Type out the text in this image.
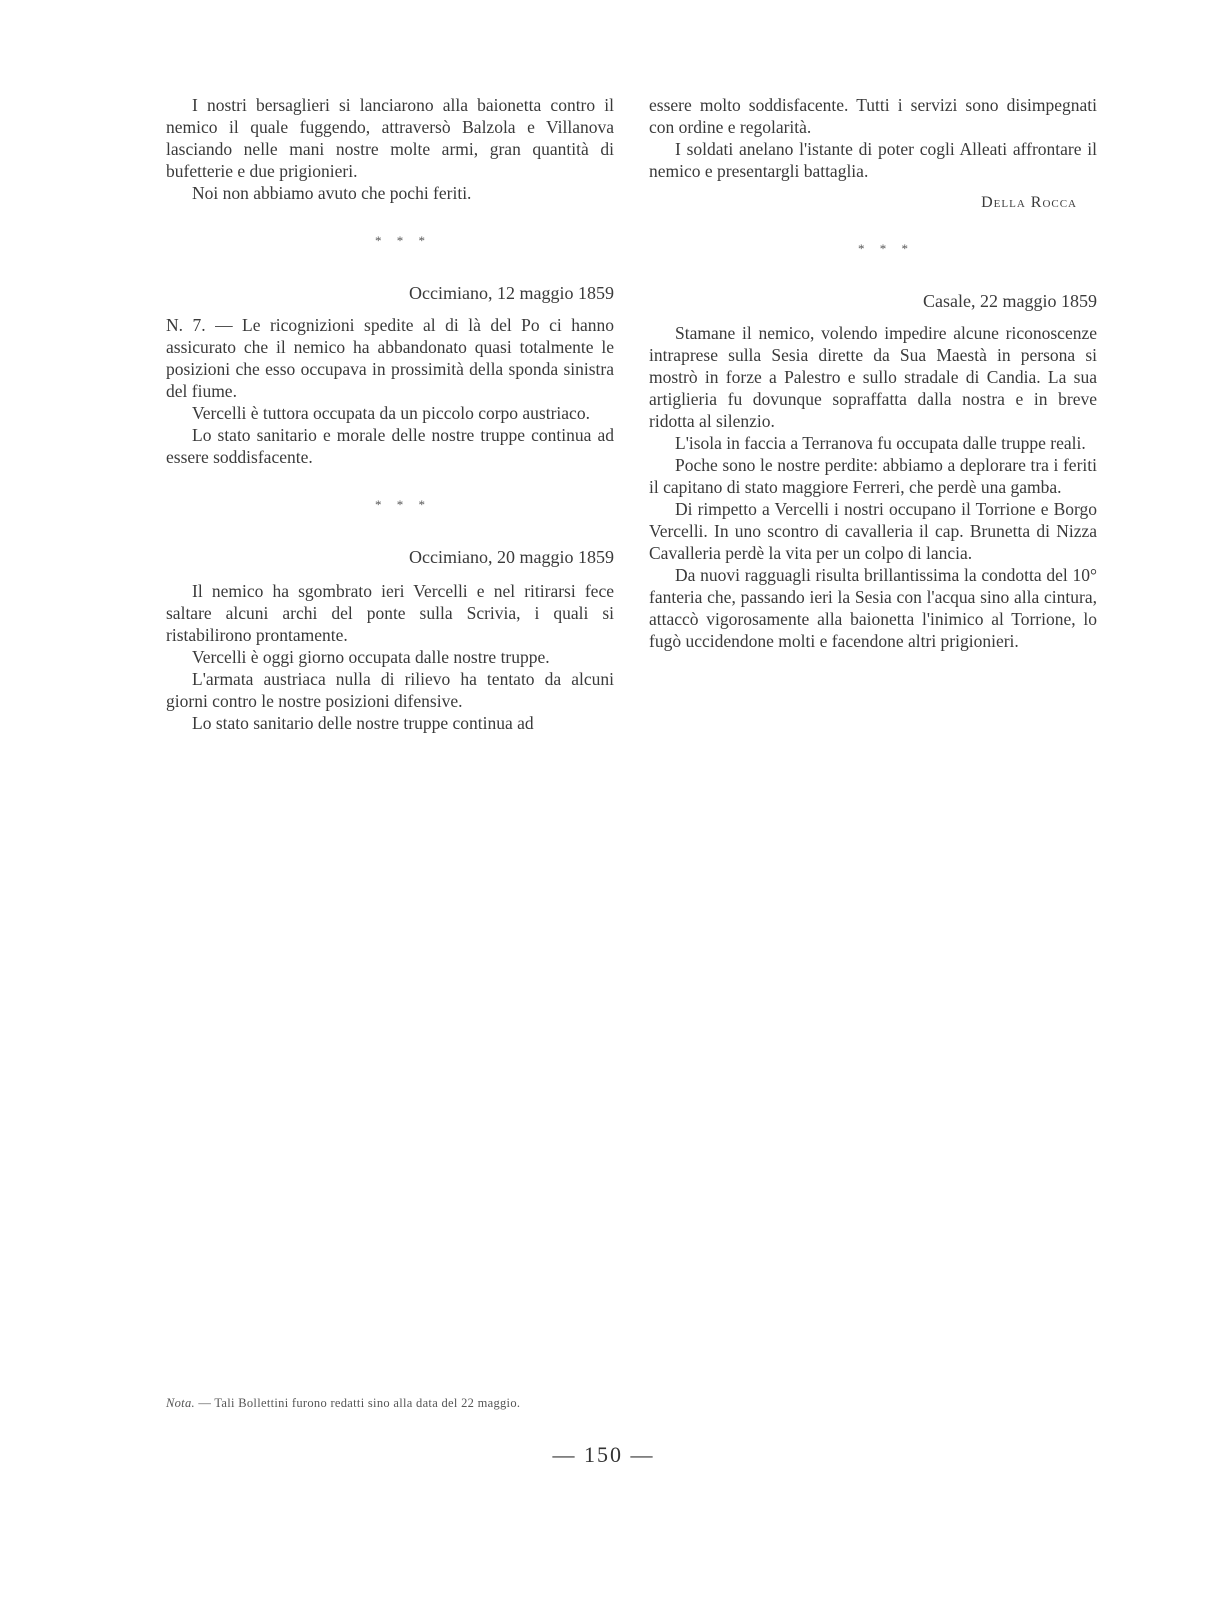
I nostri bersaglieri si lanciarono alla baionetta contro il nemico il quale fuggendo, attraversò Balzola e Villanova lasciando nelle mani nostre molte armi, gran quantità di bufetterie e due prigionieri.

Noi non abbiamo avuto che pochi feriti.

* * *

Occimiano, 12 maggio 1859

N. 7. — Le ricognizioni spedite al di là del Po ci hanno assicurato che il nemico ha abbandonato quasi totalmente le posizioni che esso occupava in prossimità della sponda sinistra del fiume.

Vercelli è tuttora occupata da un piccolo corpo austriaco.

Lo stato sanitario e morale delle nostre truppe continua ad essere soddisfacente.

* * *

Occimiano, 20 maggio 1859

Il nemico ha sgombrato ieri Vercelli e nel ritirarsi fece saltare alcuni archi del ponte sulla Scrivia, i quali si ristabilirono prontamente.

Vercelli è oggi giorno occupata dalle nostre truppe.

L'armata austriaca nulla di rilievo ha tentato da alcuni giorni contro le nostre posizioni difensive.

Lo stato sanitario delle nostre truppe continua ad

essere molto soddisfacente. Tutti i servizi sono disimpegnati con ordine e regolarità.

I soldati anelano l'istante di poter cogli Alleati affrontare il nemico e presentargli battaglia.

Della Rocca

* * *

Casale, 22 maggio 1859

Stamane il nemico, volendo impedire alcune riconoscenze intraprese sulla Sesia dirette da Sua Maestà in persona si mostrò in forze a Palestro e sullo stradale di Candia. La sua artiglieria fu dovunque sopraffatta dalla nostra e in breve ridotta al silenzio.

L'isola in faccia a Terranova fu occupata dalle truppe reali.

Poche sono le nostre perdite: abbiamo a deplorare tra i feriti il capitano di stato maggiore Ferreri, che perdè una gamba.

Di rimpetto a Vercelli i nostri occupano il Torrione e Borgo Vercelli. In uno scontro di cavalleria il cap. Brunetta di Nizza Cavalleria perdè la vita per un colpo di lancia.

Da nuovi ragguagli risulta brillantissima la condotta del 10° fanteria che, passando ieri la Sesia con l'acqua sino alla cintura, attaccò vigorosamente alla baionetta l'inimico al Torrione, lo fugò uccidendone molti e facendone altri prigionieri.

Nota. — Tali Bollettini furono redatti sino alla data del 22 maggio.
— 150 —
